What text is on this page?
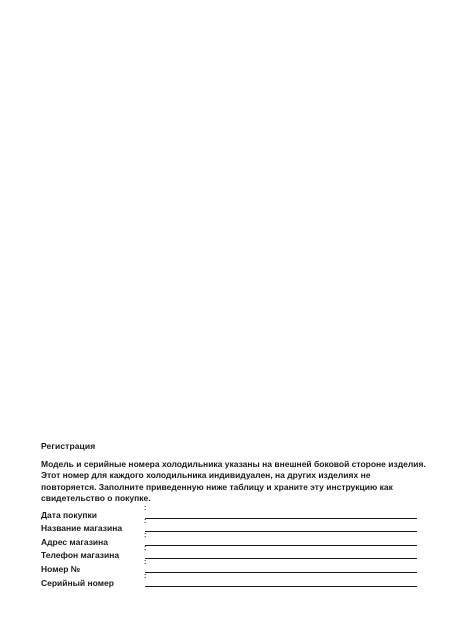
Регистрация

Модель и серийные номера холодильника указаны на внешней боковой стороне изделия.
Этот номер для каждого холодильника индивидуален, на других изделиях не
повторяется. Заполните приведенную ниже таблицу и храните эту инструкцию как
свидетельство о покупке.

Дата покупки
:
Название магазина
:
Адрес магазина
:
Телефон магазина
:
Номер №
:
Серийный номер
:
